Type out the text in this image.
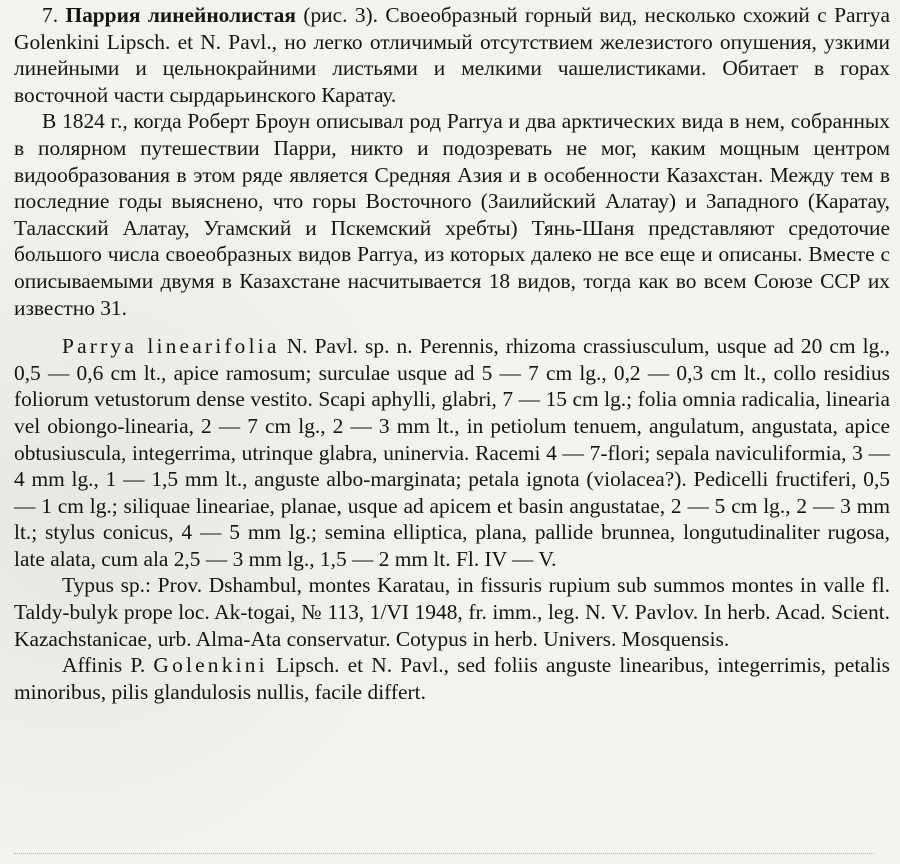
7. Паррия линейнолистая (рис. 3). Своеобразный горный вид, несколько схожий с Parrya Golenkini Lipsch. et N. Pavl., но легко отличимый отсутствием железистого опушения, узкими линейными и цельнокрайними листьями и мелкими чашелистиками. Обитает в горах восточной части сырдарьинского Каратау.

В 1824 г., когда Роберт Броун описывал род Parrya и два арктических вида в нем, собранных в полярном путешествии Парри, никто и подозревать не мог, каким мощным центром видообразования в этом ряде является Средняя Азия и в особенности Казахстан. Между тем в последние годы выяснено, что горы Восточного (Заилийский Алатау) и Западного (Каратау, Таласский Алатау, Угамский и Пскемский хребты) Тянь-Шаня представляют средоточие большого числа своеобразных видов Parrya, из которых далеко не все еще и описаны. Вместе с описываемыми двумя в Казахстане насчитывается 18 видов, тогда как во всем Союзе ССР их известно 31.

Parrya linearifolia N. Pavl. sp. n. Perennis, rhizoma crassiusculum, usque ad 20 cm lg., 0,5 — 0,6 cm lt., apice ramosum; surculae usque ad 5 — 7 cm lg., 0,2 — 0,3 cm lt., collo residius foliorum vetustorum dense vestito. Scapi aphylli, glabri, 7 — 15 cm lg.; folia omnia radicalia, linearia vel obiongo-linearia, 2 — 7 cm lg., 2 — 3 mm lt., in petiolum tenuem, angulatum, angustata, apice obtusiuscula, integerrima, utrinque glabra, uninervia. Racemi 4 — 7-flori; sepala naviculiformia, 3 — 4 mm lg., 1 — 1,5 mm lt., anguste albo-marginata; petala ignota (violacea?). Pedicelli fructiferi, 0,5 — 1 cm lg.; siliquae lineariae, planae, usque ad apicem et basin angustatae, 2 — 5 cm lg., 2 — 3 mm lt.; stylus conicus, 4 — 5 mm lg.; semina elliptica, plana, pallide brunnea, longutudinaliter rugosa, late alata, cum ala 2,5 — 3 mm lg., 1,5 — 2 mm lt. Fl. IV — V.

Typus sp.: Prov. Dshambul, montes Karatau, in fissuris rupium sub summos montes in valle fl. Taldy-bulyk prope loc. Ak-togai, № 113, 1/VI 1948, fr. imm., leg. N. V. Pavlov. In herb. Acad. Scient. Kazachstanicae, urb. Alma-Ata conservatur. Cotypus in herb. Univers. Mosquensis.

Affinis P. Golenkini Lipsch. et N. Pavl., sed foliis anguste linearibus, integerrimis, petalis minoribus, pilis glandulosis nullis, facile differt.
